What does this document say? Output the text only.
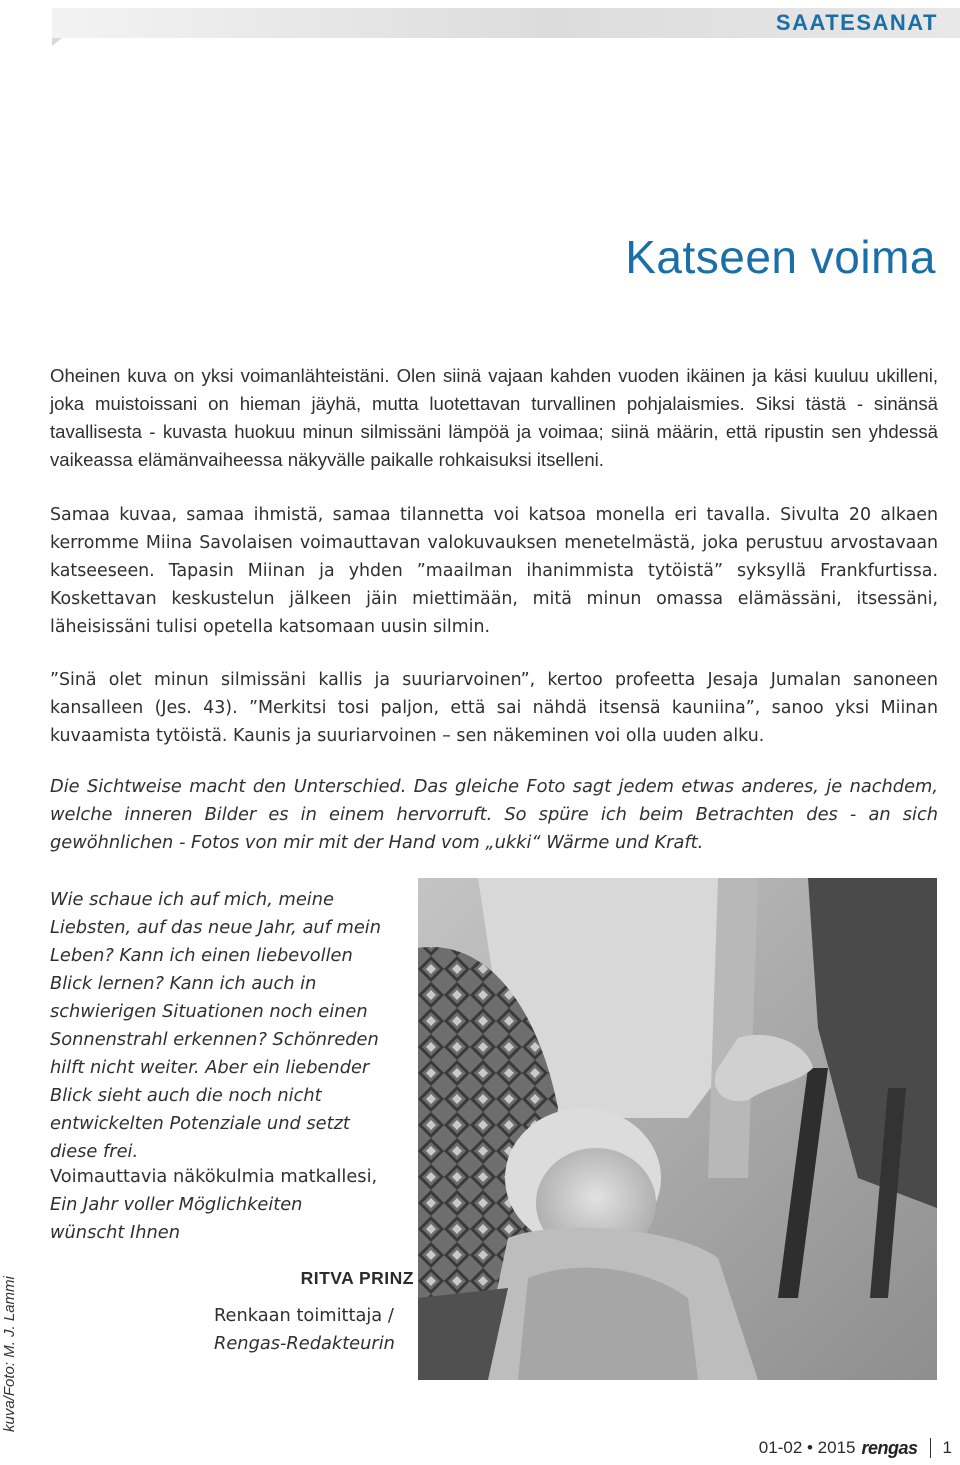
SAATESANAT
Katseen voima

Oheinen kuva on yksi voimanlähteistäni. Olen siinä vajaan kahden vuoden ikäinen ja käsi kuuluu ukilleni, joka muistoissani on hieman jäyhä, mutta luotettavan turvallinen pohjalaismies. Siksi tästä - sinänsä tavallisesta - kuvasta huokuu minun silmissäni lämpöä ja voimaa; siinä määrin, että ripustin sen yhdessä vaikeassa elämänvaiheessa näkyvälle paikalle rohkaisuksi itselleni.

Samaa kuvaa, samaa ihmistä, samaa tilannetta voi katsoa monella eri tavalla. Sivulta 20 alkaen kerromme Miina Savolaisen voimauttavan valokuvauksen menetelmästä, joka perustuu arvostavaan katseeseen. Tapasin Miinan ja yhden ”maailman ihanimmista tytöistä” syksyllä Frankfurtissa. Koskettavan keskustelun jälkeen jäin miettimään, mitä minun omassa elämässäni, itsessäni, läheisissäni tulisi opetella katsomaan uusin silmin.

”Sinä olet minun silmissäni kallis ja suuriarvoinen”, kertoo profeetta Jesaja Jumalan sanoneen kansalleen (Jes. 43). ”Merkitsi tosi paljon, että sai nähdä itsensä kauniina”, sanoo yksi Miinan kuvaamista tytöistä. Kaunis ja suuriarvoinen – sen näkeminen voi olla uuden alku.

Die Sichtweise macht den Unterschied. Das gleiche Foto sagt jedem etwas anderes, je nachdem, welche inneren Bilder es in einem hervorruft. So spüre ich beim Betrachten des - an sich gewöhnlichen - Fotos von mir mit der Hand vom „ukki“ Wärme und Kraft.

Wie schaue ich auf mich, meine Liebsten, auf das neue Jahr, auf mein Leben? Kann ich einen liebevollen Blick lernen? Kann ich auch in schwierigen Situationen noch einen Sonnenstrahl erkennen? Schönreden hilft nicht weiter. Aber ein liebender Blick sieht auch die noch nicht entwickelten Potenziale und setzt diese frei.

Voimauttavia näkökulmia matkallesi,
Ein Jahr voller Möglichkeiten
wünscht Ihnen
RITVA PRINZ
Renkaan toimittaja /
Rengas-Redakteurin
kuva/Foto: M. J. Lammi
01-02 • 2015 rengas 1
